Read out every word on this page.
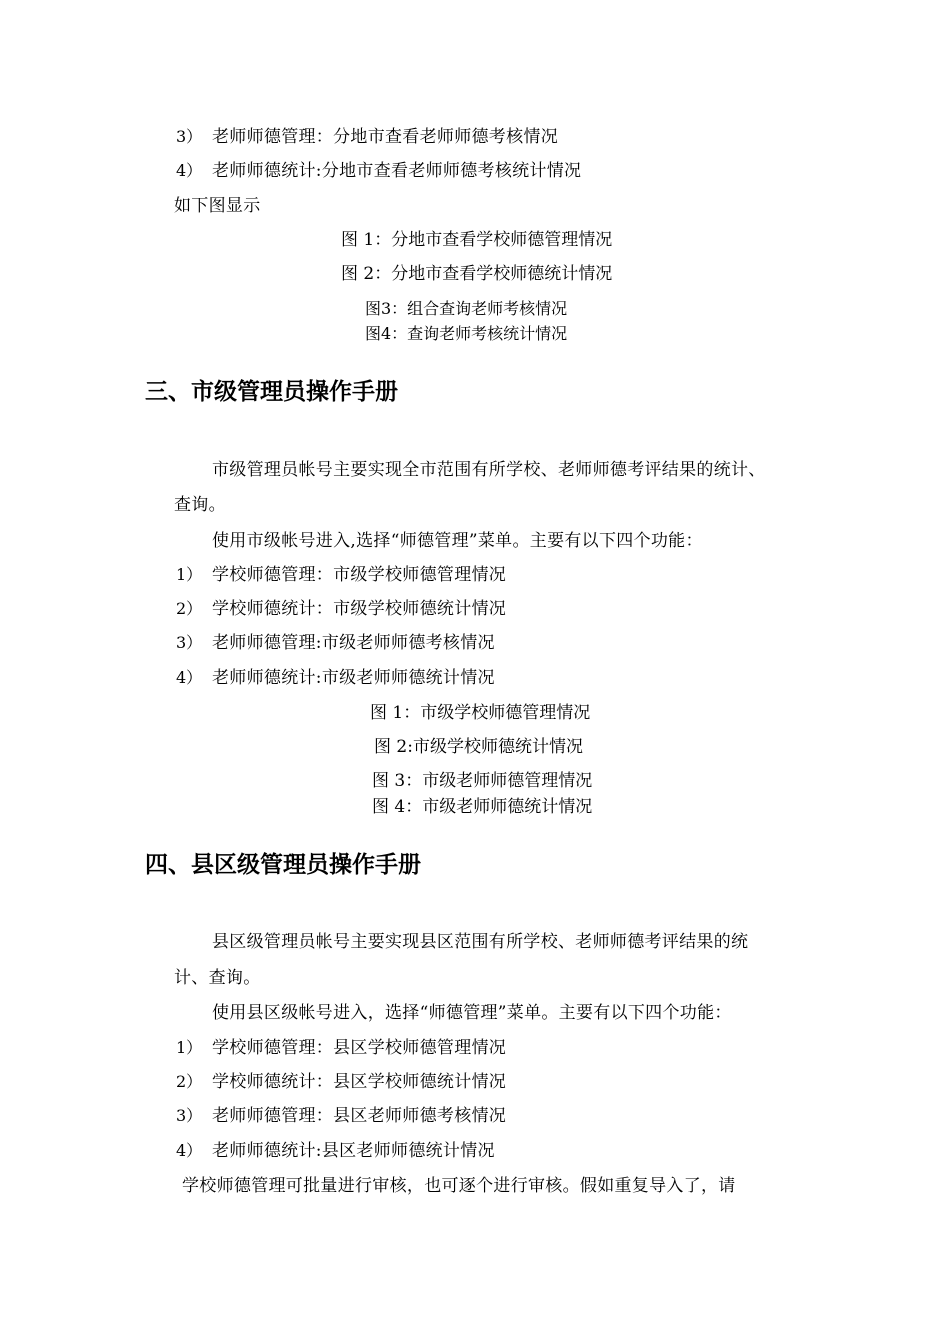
3） 老师师德管理：分地市查看老师师德考核情况
4） 老师师德统计:分地市查看老师师德考核统计情况
如下图显示
图 1：分地市查看学校师德管理情况
图 2：分地市查看学校师德统计情况
图3：组合查询老师考核情况
图4：查询老师考核统计情况
三、市级管理员操作手册
市级管理员帐号主要实现全市范围有所学校、老师师德考评结果的统计、
查询。
使用市级帐号进入,选择“师德管理”菜单。主要有以下四个功能：
1） 学校师德管理：市级学校师德管理情况
2） 学校师德统计：市级学校师德统计情况
3） 老师师德管理:市级老师师德考核情况
4） 老师师德统计:市级老师师德统计情况
图 1：市级学校师德管理情况
图 2:市级学校师德统计情况
图 3：市级老师师德管理情况
图 4：市级老师师德统计情况
四、县区级管理员操作手册
县区级管理员帐号主要实现县区范围有所学校、老师师德考评结果的统
计、查询。
使用县区级帐号进入，选择“师德管理”菜单。主要有以下四个功能：
1） 学校师德管理：县区学校师德管理情况
2） 学校师德统计：县区学校师德统计情况
3） 老师师德管理：县区老师师德考核情况
4） 老师师德统计:县区老师师德统计情况
学校师德管理可批量进行审核，也可逐个进行审核。假如重复导入了，请
